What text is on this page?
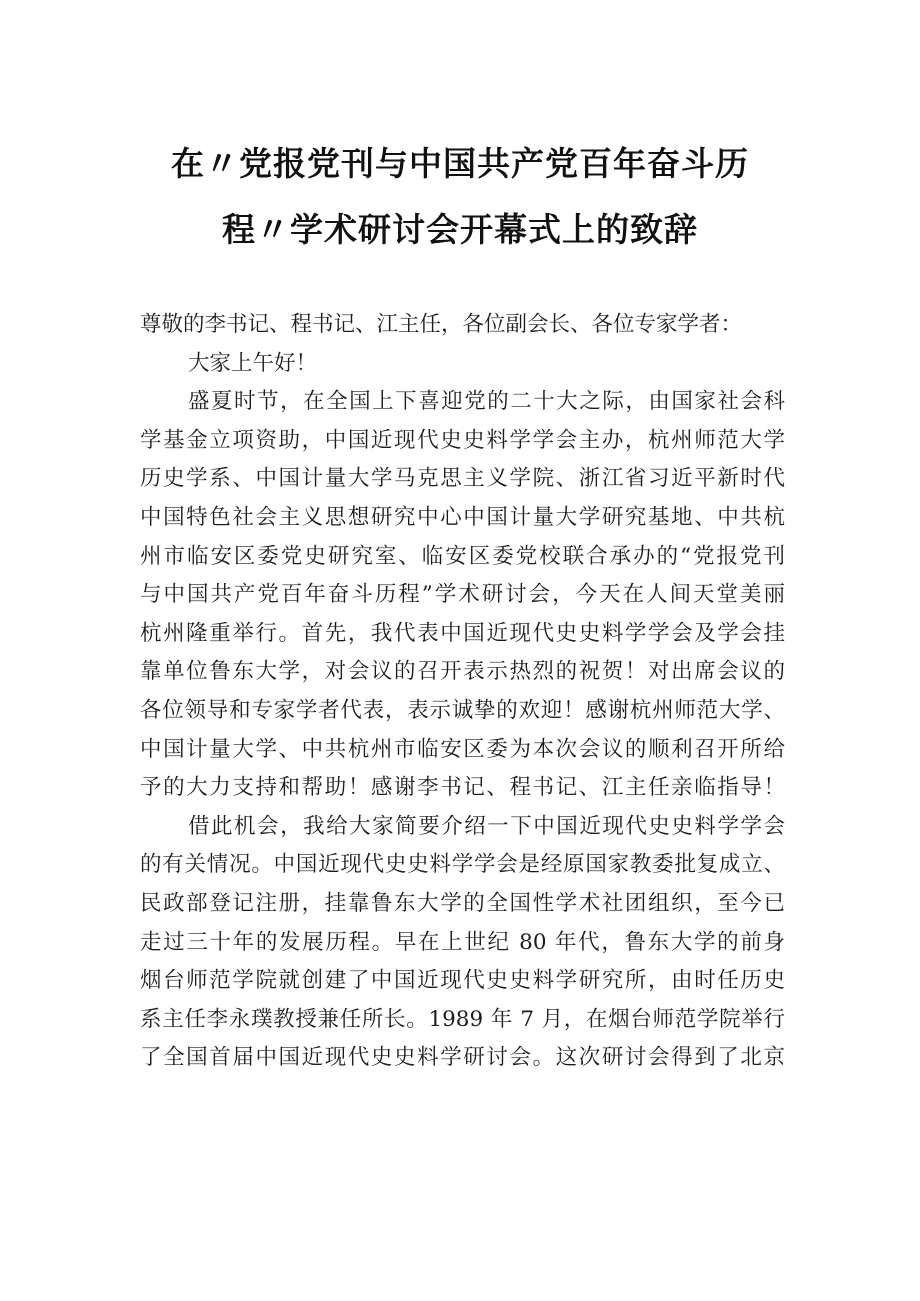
在〃党报党刊与中国共产党百年奋斗历
程〃学术研讨会开幕式上的致辞
尊敬的李书记、程书记、江主任，各位副会长、各位专家学者：
大家上午好！
盛夏时节，在全国上下喜迎党的二十大之际，由国家社会科
学基金立项资助，中国近现代史史料学学会主办，杭州师范大学
历史学系、中国计量大学马克思主义学院、浙江省习近平新时代
中国特色社会主义思想研究中心中国计量大学研究基地、中共杭
州市临安区委党史研究室、临安区委党校联合承办的“党报党刊
与中国共产党百年奋斗历程”学术研讨会，今天在人间天堂美丽
杭州隆重举行。首先，我代表中国近现代史史料学学会及学会挂
靠单位鲁东大学，对会议的召开表示热烈的祝贺！对出席会议的
各位领导和专家学者代表，表示诚挚的欢迎！感谢杭州师范大学、
中国计量大学、中共杭州市临安区委为本次会议的顺利召开所给
予的大力支持和帮助！感谢李书记、程书记、江主任亲临指导！
借此机会，我给大家简要介绍一下中国近现代史史料学学会
的有关情况。中国近现代史史料学学会是经原国家教委批复成立、
民政部登记注册，挂靠鲁东大学的全国性学术社团组织，至今已
走过三十年的发展历程。早在上世纪 80 年代，鲁东大学的前身
烟台师范学院就创建了中国近现代史史料学研究所，由时任历史
系主任李永璞教授兼任所长。1989 年 7 月，在烟台师范学院举行
了全国首届中国近现代史史料学研讨会。这次研讨会得到了北京
